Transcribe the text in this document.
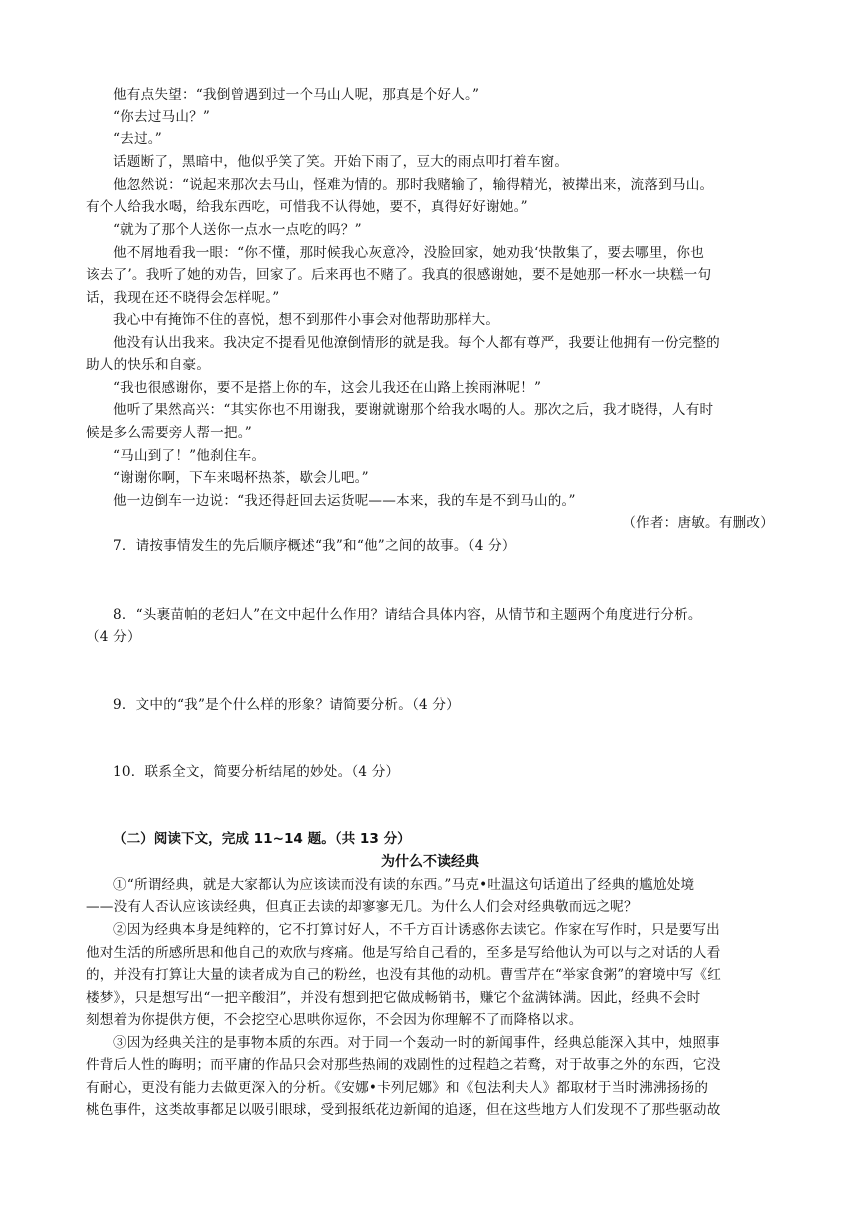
他有点失望：“我倒曾遇到过一个马山人呢，那真是个好人。”
“你去过马山？”
“去过。”
话题断了，黑暗中，他似乎笑了笑。开始下雨了，豆大的雨点叩打着车窗。
他忽然说：“说起来那次去马山，怪难为情的。那时我赌输了，输得精光，被撵出来，流落到马山。
有个人给我水喝，给我东西吃，可惜我不认得她，要不，真得好好谢她。”
“就为了那个人送你一点水一点吃的吗？”
他不屑地看我一眼：“你不懂，那时候我心灰意冷，没脸回家，她劝我‘快散集了，要去哪里，你也
该去了’。我听了她的劝告，回家了。后来再也不赌了。我真的很感谢她，要不是她那一杯水一块糕一句
话，我现在还不晓得会怎样呢。”
我心中有掩饰不住的喜悦，想不到那件小事会对他帮助那样大。
他没有认出我来。我决定不提看见他潦倒情形的就是我。每个人都有尊严，我要让他拥有一份完整的
助人的快乐和自豪。
“我也很感谢你，要不是搭上你的车，这会儿我还在山路上挨雨淋呢！”
他听了果然高兴：“其实你也不用谢我，要谢就谢那个给我水喝的人。那次之后，我才晓得，人有时
候是多么需要旁人帮一把。”
“马山到了！”他刹住车。
“谢谢你啊，下车来喝杯热茶，歇会儿吧。”
他一边倒车一边说：“我还得赶回去运货呢——本来，我的车是不到马山的。”
（作者：唐敏。有删改）
7．请按事情发生的先后顺序概述“我”和“他”之间的故事。（4 分）
8．“头裹苗帕的老妇人”在文中起什么作用？请结合具体内容，从情节和主题两个角度进行分析。
（4 分）
9．文中的“我”是个什么样的形象？请简要分析。（4 分）
10．联系全文，简要分析结尾的妙处。（4 分）
（二）阅读下文，完成 11~14 题。（共 13 分）
为什么不读经典
①“所谓经典，就是大家都认为应该读而没有读的东西。”马克•吐温这句话道出了经典的尴尬处境
——没有人否认应该读经典，但真正去读的却寥寥无几。为什么人们会对经典敬而远之呢？
②因为经典本身是纯粹的，它不打算讨好人，不千方百计诱惑你去读它。作家在写作时，只是要写出
他对生活的所感所思和他自己的欢欣与疼痛。他是写给自己看的，至多是写给他认为可以与之对话的人看
的，并没有打算让大量的读者成为自己的粉丝，也没有其他的动机。曹雪芹在“举家食粥”的窘境中写《红
楼梦》，只是想写出“一把辛酸泪”，并没有想到把它做成畅销书，赚它个盆满钵满。因此，经典不会时
刻想着为你提供方便，不会挖空心思哄你逗你，不会因为你理解不了而降格以求。
③因为经典关注的是事物本质的东西。对于同一个轰动一时的新闻事件，经典总能深入其中，烛照事
件背后人性的晦明；而平庸的作品只会对那些热闹的戏剧性的过程趋之若鹜，对于故事之外的东西，它没
有耐心，更没有能力去做更深入的分析。《安娜•卡列尼娜》和《包法利夫人》都取材于当时沸沸扬扬的
桃色事件，这类故事都足以吸引眼球，受到报纸花边新闻的追逐，但在这些地方人们发现不了那些驱动故
